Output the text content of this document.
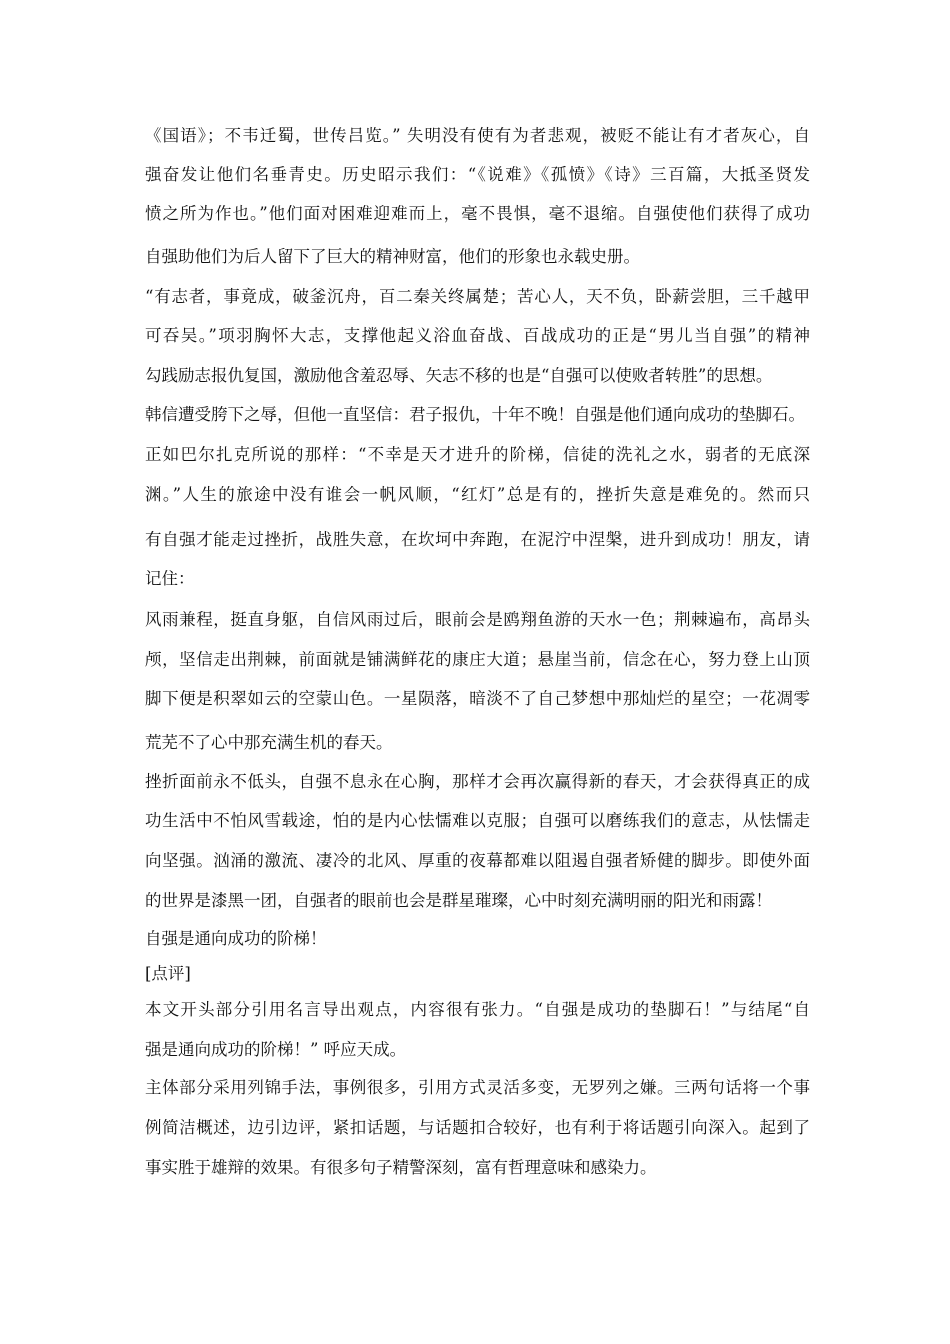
《国语》；不韦迁蜀，世传吕览。” 失明没有使有为者悲观，被贬不能让有才者灰心，自
强奋发让他们名垂青史。历史昭示我们：“《说难》《孤愤》《诗》三百篇，大抵圣贤发
愤之所为作也。”他们面对困难迎难而上，毫不畏惧，毫不退缩。自强使他们获得了成功
自强助他们为后人留下了巨大的精神财富，他们的形象也永载史册。
“有志者，事竟成，破釜沉舟，百二秦关终属楚；苦心人，天不负，卧薪尝胆，三千越甲
可吞吴。”项羽胸怀大志，支撑他起义浴血奋战、百战成功的正是“男儿当自强”的精神
勾践励志报仇复国，激励他含羞忍辱、矢志不移的也是“自强可以使败者转胜”的思想。
韩信遭受胯下之辱，但他一直坚信：君子报仇，十年不晚！自强是他们通向成功的垫脚石。
正如巴尔扎克所说的那样：“不幸是天才进升的阶梯，信徒的洗礼之水，弱者的无底深
渊。”人生的旅途中没有谁会一帆风顺，“红灯”总是有的，挫折失意是难免的。然而只
有自强才能走过挫折，战胜失意，在坎坷中奔跑，在泥泞中涅槃，进升到成功！朋友，请
记住：
风雨兼程，挺直身躯，自信风雨过后，眼前会是鸥翔鱼游的天水一色；荆棘遍布，高昂头
颅，坚信走出荆棘，前面就是铺满鲜花的康庄大道；悬崖当前，信念在心，努力登上山顶
脚下便是积翠如云的空蒙山色。一星陨落，暗淡不了自己梦想中那灿烂的星空；一花凋零
荒芜不了心中那充满生机的春天。
挫折面前永不低头，自强不息永在心胸，那样才会再次赢得新的春天，才会获得真正的成
功生活中不怕风雪载途，怕的是内心怯懦难以克服；自强可以磨练我们的意志，从怯懦走
向坚强。汹涌的激流、凄冷的北风、厚重的夜幕都难以阻遏自强者矫健的脚步。即使外面
的世界是漆黑一团，自强者的眼前也会是群星璀璨，心中时刻充满明丽的阳光和雨露！
自强是通向成功的阶梯！
[点评]
本文开头部分引用名言导出观点，内容很有张力。“自强是成功的垫脚石！”与结尾“自
强是通向成功的阶梯！” 呼应天成。
主体部分采用列锦手法，事例很多，引用方式灵活多变，无罗列之嫌。三两句话将一个事
例简洁概述，边引边评，紧扣话题，与话题扣合较好，也有利于将话题引向深入。起到了
事实胜于雄辩的效果。有很多句子精警深刻，富有哲理意味和感染力。
